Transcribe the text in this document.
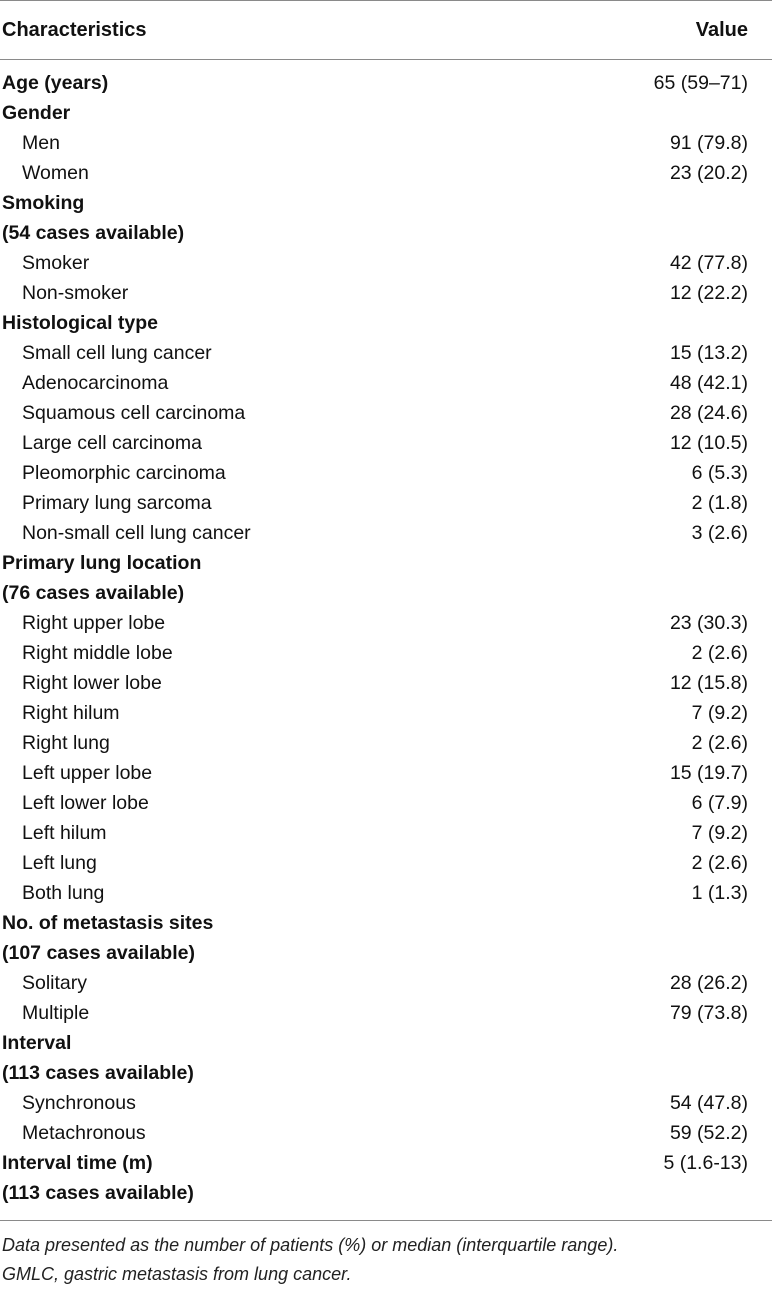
Characteristics	Value
Age (years)	65 (59–71)
Gender
Men	91 (79.8)
Women	23 (20.2)
Smoking
(54 cases available)
Smoker	42 (77.8)
Non-smoker	12 (22.2)
Histological type
Small cell lung cancer	15 (13.2)
Adenocarcinoma	48 (42.1)
Squamous cell carcinoma	28 (24.6)
Large cell carcinoma	12 (10.5)
Pleomorphic carcinoma	6 (5.3)
Primary lung sarcoma	2 (1.8)
Non-small cell lung cancer	3 (2.6)
Primary lung location
(76 cases available)
Right upper lobe	23 (30.3)
Right middle lobe	2 (2.6)
Right lower lobe	12 (15.8)
Right hilum	7 (9.2)
Right lung	2 (2.6)
Left upper lobe	15 (19.7)
Left lower lobe	6 (7.9)
Left hilum	7 (9.2)
Left lung	2 (2.6)
Both lung	1 (1.3)
No. of metastasis sites
(107 cases available)
Solitary	28 (26.2)
Multiple	79 (73.8)
Interval
(113 cases available)
Synchronous	54 (47.8)
Metachronous	59 (52.2)
Interval time (m)	5 (1.6-13)
(113 cases available)
Data presented as the number of patients (%) or median (interquartile range).
GMLC, gastric metastasis from lung cancer.
